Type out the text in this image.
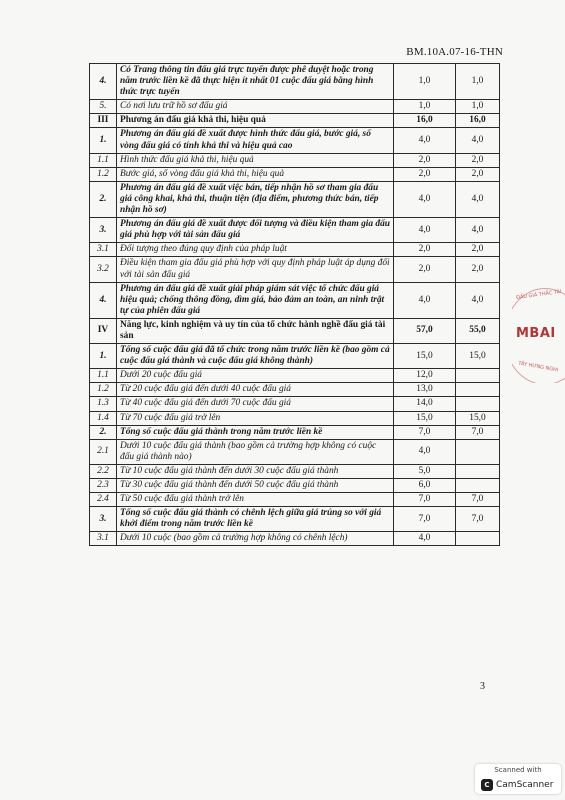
BM.10A.07-16-THN
4.	Có Trang thông tin đấu giá trực tuyến được phê duyệt hoặc trong năm trước liền kề đã thực hiện ít nhất 01 cuộc đấu giá bằng hình thức trực tuyến	1,0	1,0
5.	Có nơi lưu trữ hồ sơ đấu giá	1,0	1,0
III	Phương án đấu giá khả thi, hiệu quả	16,0	16,0
1.	Phương án đấu giá đề xuất được hình thức đấu giá, bước giá, số vòng đấu giá có tính khả thi và hiệu quả cao	4,0	4,0
1.1	Hình thức đấu giá khả thi, hiệu quả	2,0	2,0
1.2	Bước giá, số vòng đấu giá khả thi, hiệu quả	2,0	2,0
2.	Phương án đấu giá đề xuất việc bán, tiếp nhận hồ sơ tham gia đấu giá công khai, khả thi, thuận tiện (địa điểm, phương thức bán, tiếp nhận hồ sơ)	4,0	4,0
3.	Phương án đấu giá đề xuất được đối tượng và điều kiện tham gia đấu giá phù hợp với tài sản đấu giá	4,0	4,0
3.1	Đối tượng theo đúng quy định của pháp luật	2,0	2,0
3.2	Điều kiện tham gia đấu giá phù hợp với quy định pháp luật áp dụng đối với tài sản đấu giá	2,0	2,0
4.	Phương án đấu giá đề xuất giải pháp giám sát việc tổ chức đấu giá hiệu quả; chống thông đồng, dìm giá, bảo đảm an toàn, an ninh trật tự của phiên đấu giá	4,0	4,0
IV	Năng lực, kinh nghiệm và uy tín của tổ chức hành nghề đấu giá tài sản	57,0	55,0
1.	Tổng số cuộc đấu giá đã tổ chức trong năm trước liền kề (bao gồm cả cuộc đấu giá thành và cuộc đấu giá không thành)	15,0	15,0
1.1	Dưới 20 cuộc đấu giá	12,0	
1.2	Từ 20 cuộc đấu giá đến dưới 40 cuộc đấu giá	13,0	
1.3	Từ 40 cuộc đấu giá đến dưới 70 cuộc đấu giá	14,0	
1.4	Từ 70 cuộc đấu giá trở lên	15,0	15,0
2.	Tổng số cuộc đấu giá thành trong năm trước liền kề	7,0	7,0
2.1	Dưới 10 cuộc đấu giá thành (bao gồm cả trường hợp không có cuộc đấu giá thành nào)	4,0	
2.2	Từ 10 cuộc đấu giá thành đến dưới 30 cuộc đấu giá thành	5,0	
2.3	Từ 30 cuộc đấu giá thành đến dưới 50 cuộc đấu giá thành	6,0	
2.4	Từ 50 cuộc đấu giá thành trở lên	7,0	7,0
3.	Tổng số cuộc đấu giá thành có chênh lệch giữa giá trúng so với giá khởi điểm trong năm trước liền kề	7,0	7,0
3.1	Dưới 10 cuộc (bao gồm cả trường hợp không có chênh lệch)	4,0	
3
ĐẤU GIÁ THẮC TÀI
MBAI
TÂY HƯNG NGHI
Scanned with
C CamScanner
